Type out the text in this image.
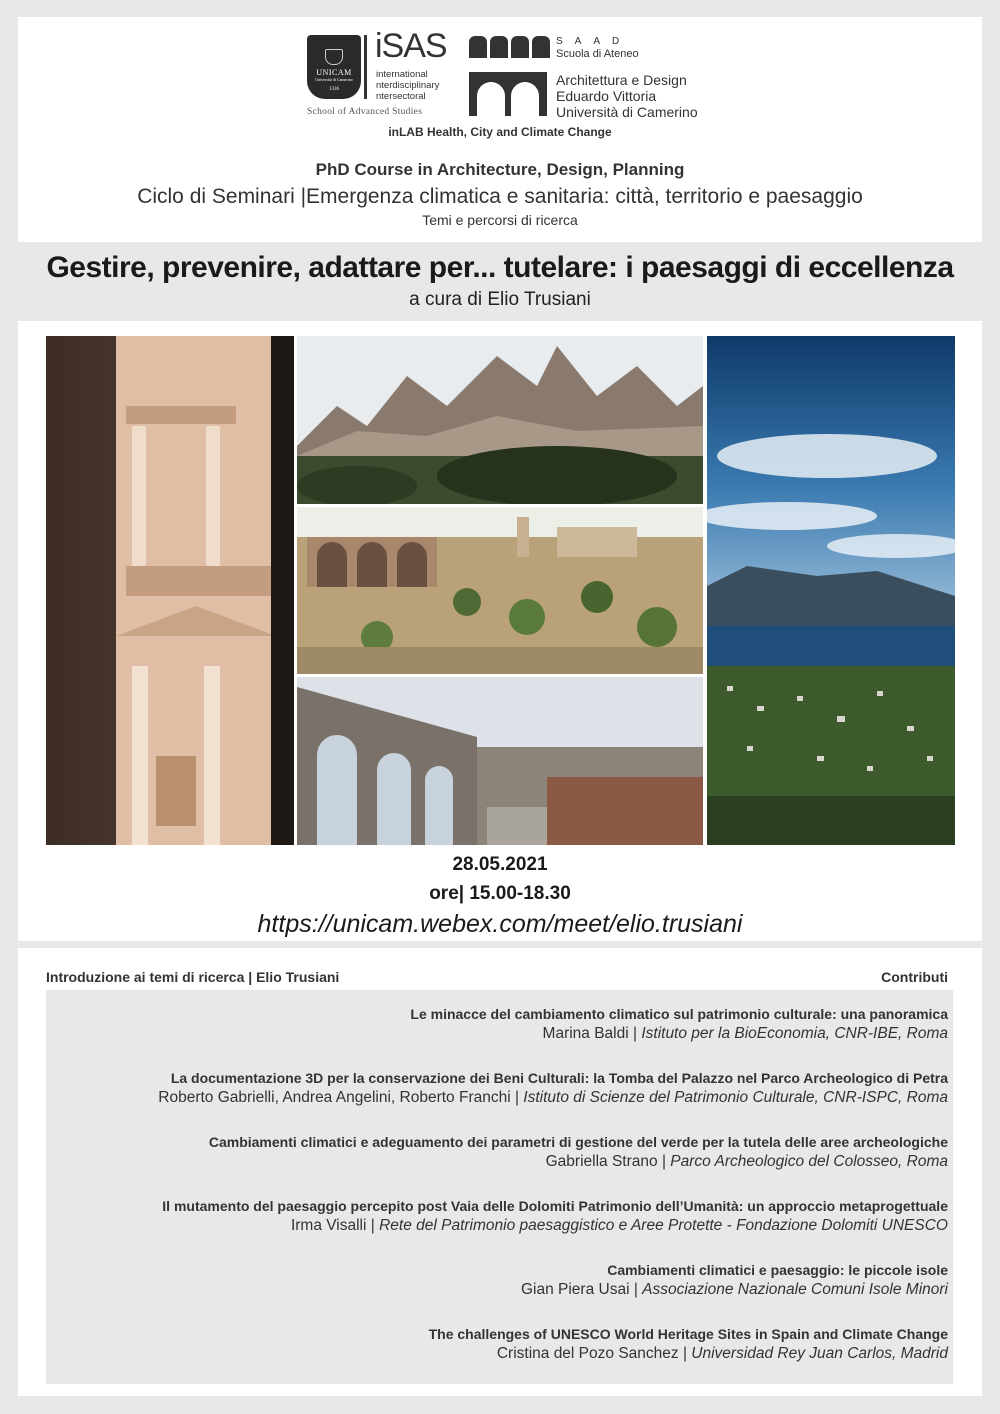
UNICAM
Università di Camerino
1336
iSAS
international
nterdisciplinary
ntersectoral
School of Advanced Studies
SAAD
Scuola di Ateneo
Architettura e Design
Eduardo Vittoria
Università di Camerino
inLAB Health, City and Climate Change
PhD Course in Architecture, Design, Planning
Ciclo di Seminari |Emergenza climatica e sanitaria: città, territorio e paesaggio
Temi e percorsi di ricerca
Gestire, prevenire, adattare per... tutelare: i paesaggi di eccellenza
a cura di Elio Trusiani
28.05.2021
ore| 15.00-18.30
https://unicam.webex.com/meet/elio.trusiani
Introduzione ai temi di ricerca | Elio Trusiani	Contributi
Le minacce del cambiamento climatico sul patrimonio culturale: una panoramica
Marina Baldi | Istituto per la BioEconomia, CNR-IBE, Roma
La documentazione 3D per la conservazione dei Beni Culturali: la Tomba del Palazzo nel Parco Archeologico di Petra
Roberto Gabrielli, Andrea Angelini, Roberto Franchi | Istituto di Scienze del Patrimonio Culturale, CNR-ISPC, Roma
Cambiamenti climatici e adeguamento dei parametri di gestione del verde per la tutela delle aree archeologiche
Gabriella Strano | Parco Archeologico del Colosseo, Roma
Il mutamento del paesaggio percepito post Vaia delle Dolomiti Patrimonio dell’Umanità: un approccio metaprogettuale
Irma Visalli | Rete del Patrimonio paesaggistico e Aree Protette - Fondazione Dolomiti UNESCO
Cambiamenti climatici e paesaggio: le piccole isole
Gian Piera Usai | Associazione Nazionale Comuni Isole Minori
The challenges of UNESCO World Heritage Sites in Spain and Climate Change
Cristina del Pozo Sanchez | Universidad Rey Juan Carlos, Madrid
